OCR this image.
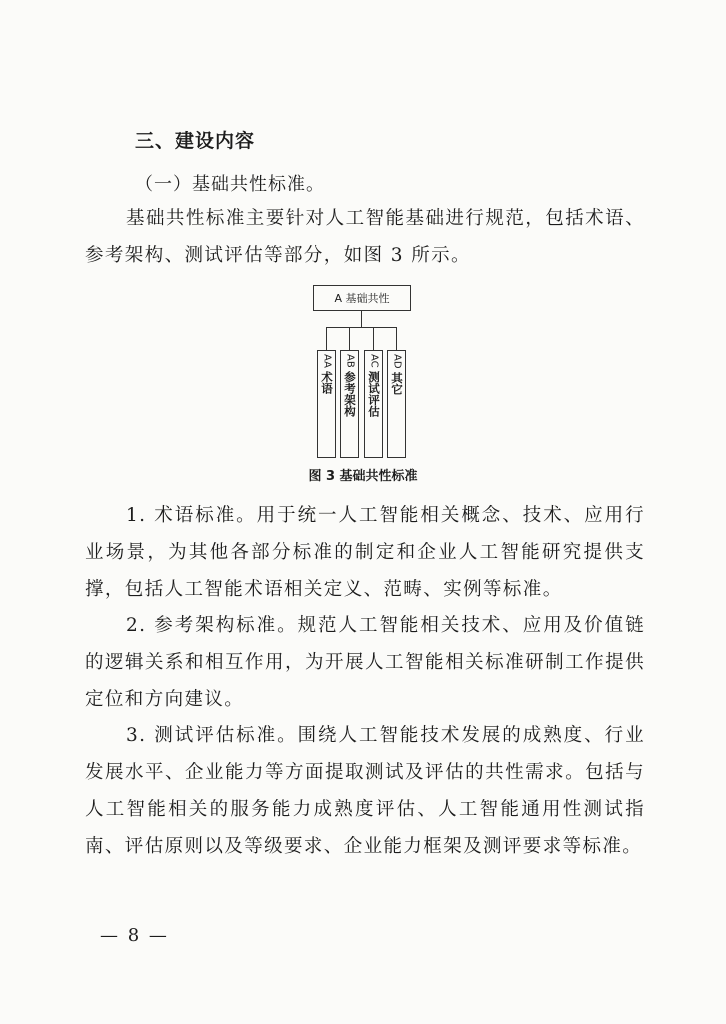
三、建设内容
（一）基础共性标准。

基础共性标准主要针对人工智能基础进行规范，包括术语、参考架构、测试评估等部分，如图 3 所示。

A 基础共性
AA
术语
AB
参考架构
AC
测试评估
AD
其它
图 3 基础共性标准

1. 术语标准。用于统一人工智能相关概念、技术、应用行业场景，为其他各部分标准的制定和企业人工智能研究提供支撑，包括人工智能术语相关定义、范畴、实例等标准。

2. 参考架构标准。规范人工智能相关技术、应用及价值链的逻辑关系和相互作用，为开展人工智能相关标准研制工作提供定位和方向建议。

3. 测试评估标准。围绕人工智能技术发展的成熟度、行业发展水平、企业能力等方面提取测试及评估的共性需求。包括与人工智能相关的服务能力成熟度评估、人工智能通用性测试指南、评估原则以及等级要求、企业能力框架及测评要求等标准。

— 8 —
